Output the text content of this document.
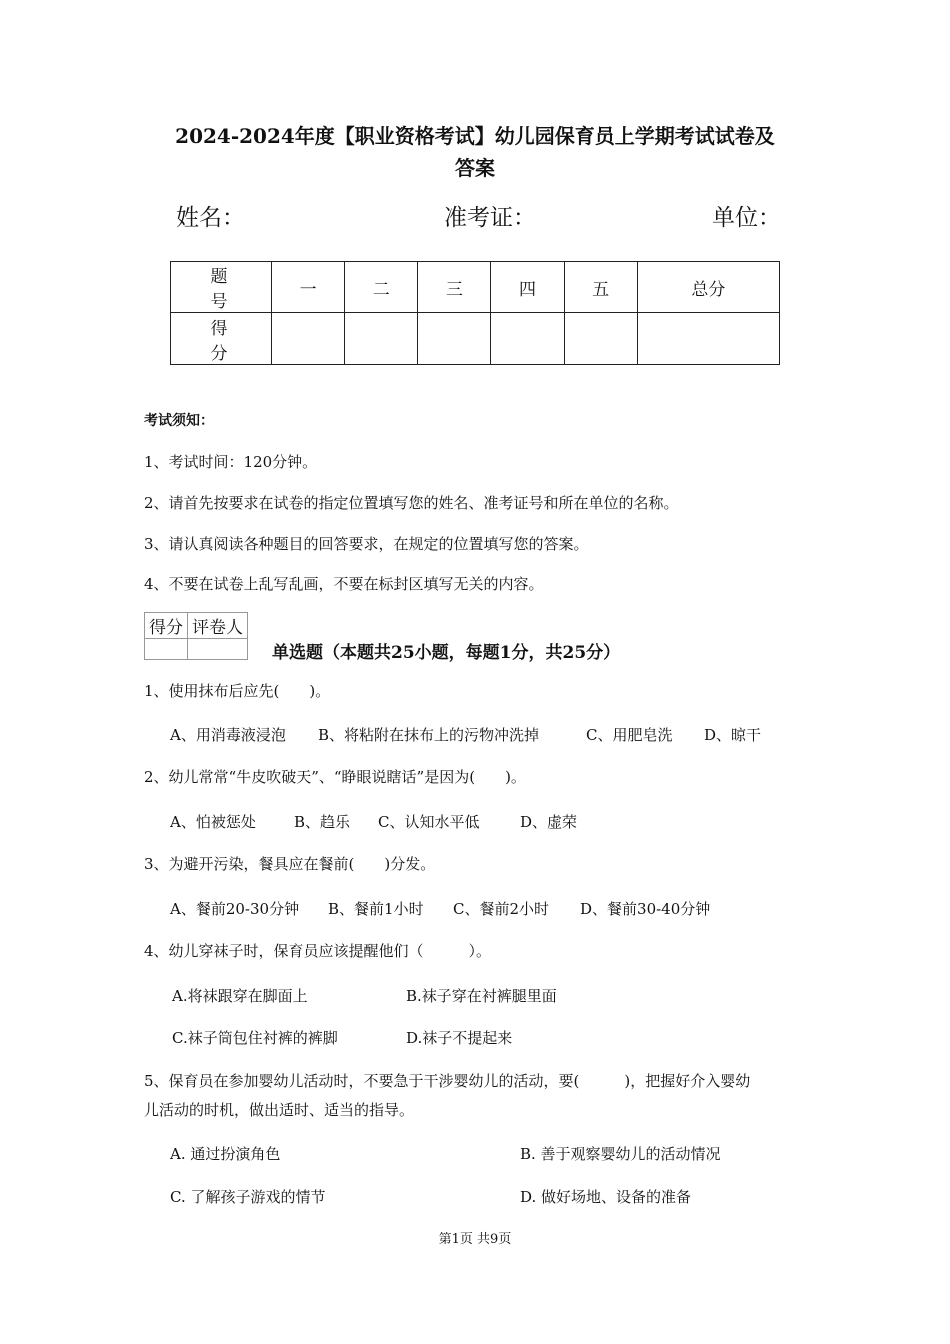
2024-2024年度【职业资格考试】幼儿园保育员上学期考试试卷及
答案
姓名：	准考证：	单位：
题 号	一	二	三	四	五	总分
得 分						
考试须知：
1、考试时间：120分钟。
2、请首先按要求在试卷的指定位置填写您的姓名、准考证号和所在单位的名称。
3、请认真阅读各种题目的回答要求，在规定的位置填写您的答案。
4、不要在试卷上乱写乱画，不要在标封区填写无关的内容。
得分	评卷人

单选题（本题共25小题，每题1分，共25分）
1、使用抹布后应先(　　)。
A、用消毒液浸泡 B、将粘附在抹布上的污物冲洗掉	C、用肥皂洗 D、晾干
2、幼儿常常“牛皮吹破天”、“睁眼说瞎话”是因为(　　)。
A、怕被惩处	B、趋乐 C、认知水平低	D、虚荣
3、为避开污染，餐具应在餐前(　　)分发。
A、餐前20-30分钟 B、餐前1小时 C、餐前2小时 D、餐前30-40分钟
4、幼儿穿袜子时，保育员应该提醒他们（　　　）。
A.将袜跟穿在脚面上	B.袜子穿在衬裤腿里面
C.袜子筒包住衬裤的裤脚	D.袜子不提起来
5、保育员在参加婴幼儿活动时，不要急于干涉婴幼儿的活动，要(　　　)，把握好介入婴幼
儿活动的时机，做出适时、适当的指导。
A. 通过扮演角色	B. 善于观察婴幼儿的活动情况
C. 了解孩子游戏的情节	D. 做好场地、设备的准备
第1页 共9页
